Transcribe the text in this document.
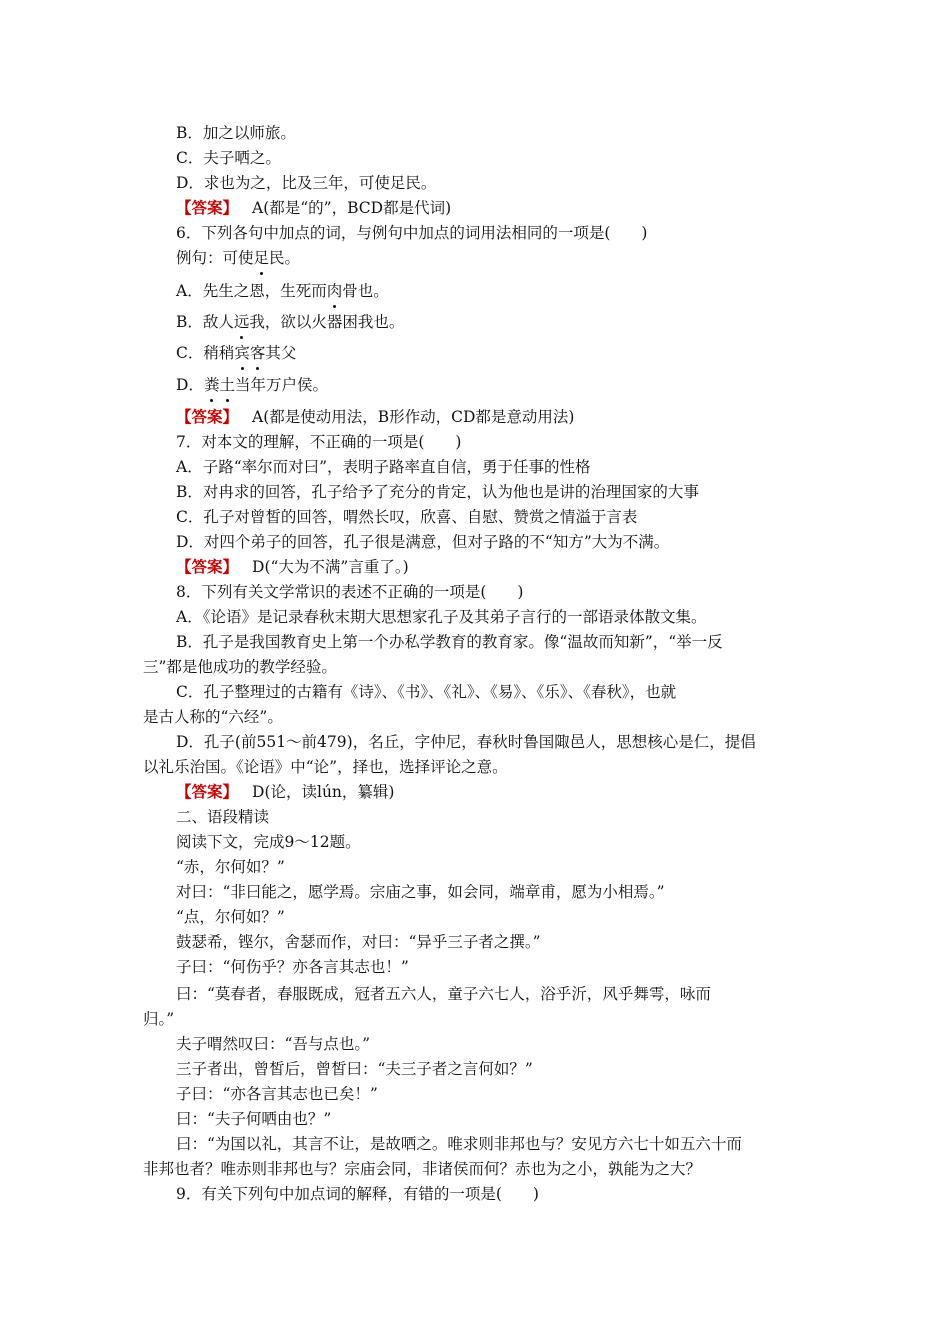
B．加之以师旅。
C．夫子哂之。
D．求也为之，比及三年，可使足民。
【答案】 A(都是“的”，BCD都是代词)
6．下列各句中加点的词，与例句中加点的词用法相同的一项是(　　)
例句：可使足民。
A．先生之恩，生死而肉骨也。
B．敌人远我，欲以火器困我也。
C．稍稍宾客其父
D．粪土当年万户侯。
【答案】 A(都是使动用法，B形作动，CD都是意动用法)
7．对本文的理解，不正确的一项是(　　)
A．子路“率尔而对曰”，表明子路率直自信，勇于任事的性格
B．对冉求的回答，孔子给予了充分的肯定，认为他也是讲的治理国家的大事
C．孔子对曾皙的回答，喟然长叹，欣喜、自慰、赞赏之情溢于言表
D．对四个弟子的回答，孔子很是满意，但对子路的不“知方”大为不满。
【答案】 D(“大为不满”言重了。)
8．下列有关文学常识的表述不正确的一项是(　　)
A．《论语》是记录春秋末期大思想家孔子及其弟子言行的一部语录体散文集。
B．孔子是我国教育史上第一个办私学教育的教育家。像“温故而知新”，“举一反
三”都是他成功的教学经验。
C．孔子整理过的古籍有《诗》、《书》、《礼》、《易》、《乐》、《春秋》，也就
是古人称的“六经”。
D．孔子(前551～前479)，名丘，字仲尼，春秋时鲁国陬邑人，思想核心是仁，提倡
以礼乐治国。《论语》中“论”，择也，选择评论之意。
【答案】 D(论，读lún，纂辑)
二、语段精读
阅读下文，完成9～12题。
“赤，尔何如？”
对曰：“非曰能之，愿学焉。宗庙之事，如会同，端章甫，愿为小相焉。”
“点，尔何如？”
鼓瑟希，铿尔，舍瑟而作，对曰：“异乎三子者之撰。”
子曰：“何伤乎？亦各言其志也！”
曰：“莫春者，春服既成，冠者五六人，童子六七人，浴乎沂，风乎舞雩，咏而
归。”
夫子喟然叹曰：“吾与点也。”
三子者出，曾皙后，曾皙曰：“夫三子者之言何如？”
子曰：“亦各言其志也已矣！”
曰：“夫子何哂由也？”
曰：“为国以礼，其言不让，是故哂之。唯求则非邦也与？安见方六七十如五六十而
非邦也者？唯赤则非邦也与？宗庙会同，非诸侯而何？赤也为之小，孰能为之大？
9．有关下列句中加点词的解释，有错的一项是(　　)
